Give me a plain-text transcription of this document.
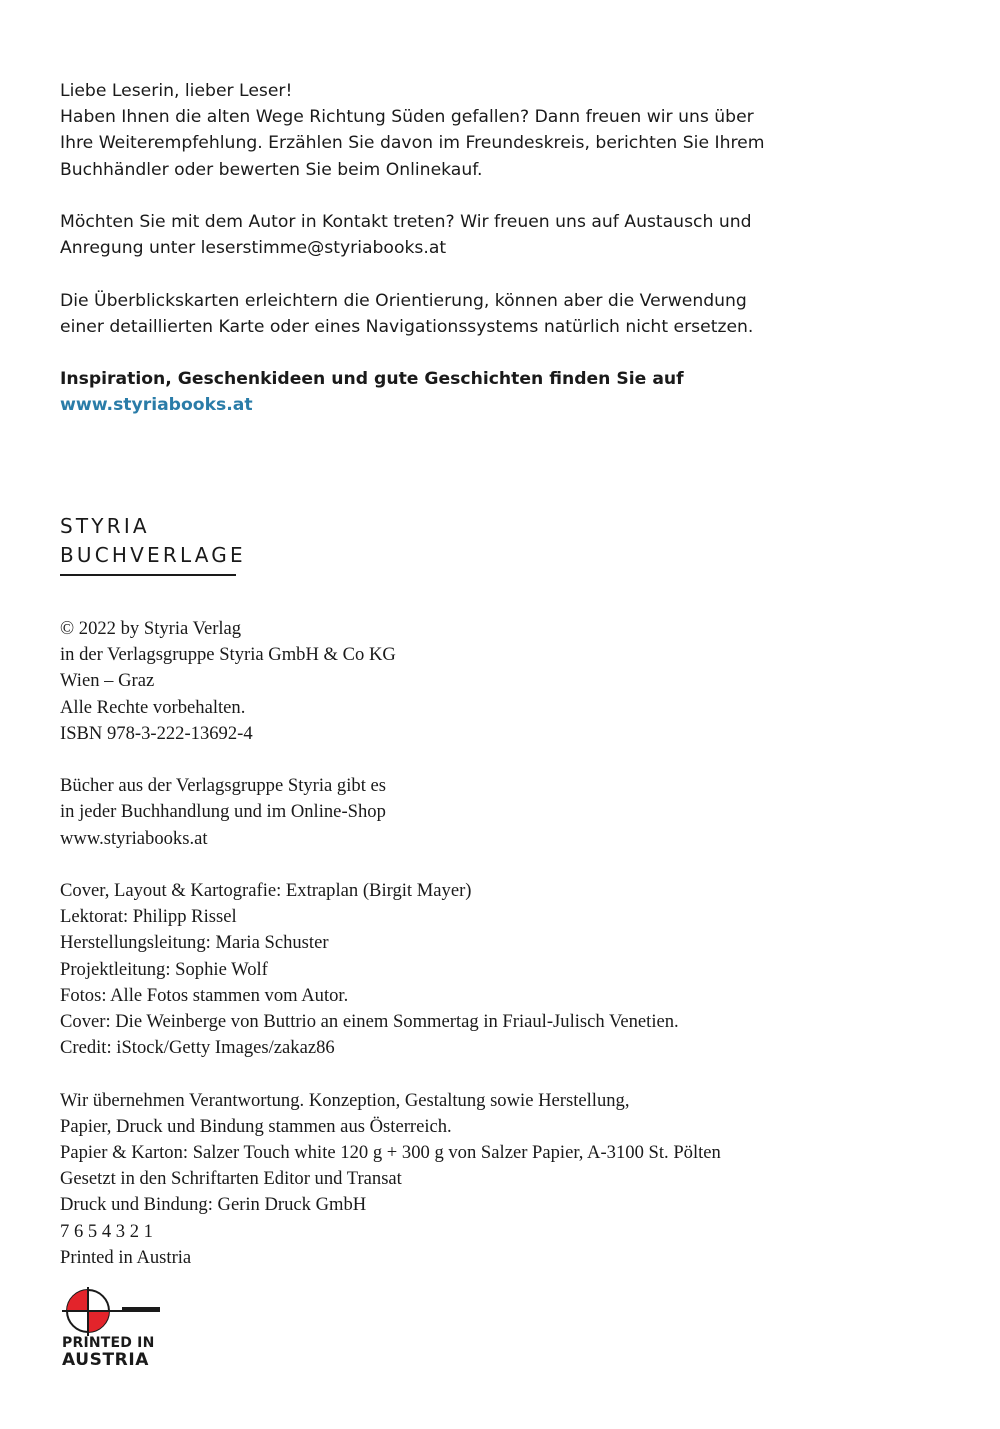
Liebe Leserin, lieber Leser!

Haben Ihnen die alten Wege Richtung Süden gefallen? Dann freuen wir uns über

Ihre Weiterempfehlung. Erzählen Sie davon im Freundeskreis, berichten Sie Ihrem

Buchhändler oder bewerten Sie beim Onlinekauf.

Möchten Sie mit dem Autor in Kontakt treten? Wir freuen uns auf Austausch und

Anregung unter leserstimme@styriabooks.at

Die Überblickskarten erleichtern die Orientierung, können aber die Verwendung

einer detaillierten Karte oder eines Navigationssystems natürlich nicht ersetzen.

Inspiration, Geschenkideen und gute Geschichten finden Sie auf

www.styriabooks.at

STYRIA
BUCHVERLAGE
© 2022 by Styria Verlag
in der Verlagsgruppe Styria GmbH & Co KG
Wien – Graz
Alle Rechte vorbehalten.
ISBN 978-3-222-13692-4
Bücher aus der Verlagsgruppe Styria gibt es
in jeder Buchhandlung und im Online-Shop
www.styriabooks.at
Cover, Layout & Kartografie: Extraplan (Birgit Mayer)
Lektorat: Philipp Rissel
Herstellungsleitung: Maria Schuster
Projektleitung: Sophie Wolf
Fotos: Alle Fotos stammen vom Autor.
Cover: Die Weinberge von Buttrio an einem Sommertag in Friaul-Julisch Venetien.
Credit: iStock/Getty Images/zakaz86
Wir übernehmen Verantwortung. Konzeption, Gestaltung sowie Herstellung,
Papier, Druck und Bindung stammen aus Österreich.
Papier & Karton: Salzer Touch white 120 g + 300 g von Salzer Papier, A-3100 St. Pölten
Gesetzt in den Schriftarten Editor und Transat
Druck und Bindung: Gerin Druck GmbH
7 6 5 4 3 2 1
Printed in Austria
PRINTED IN
AUSTRIA
